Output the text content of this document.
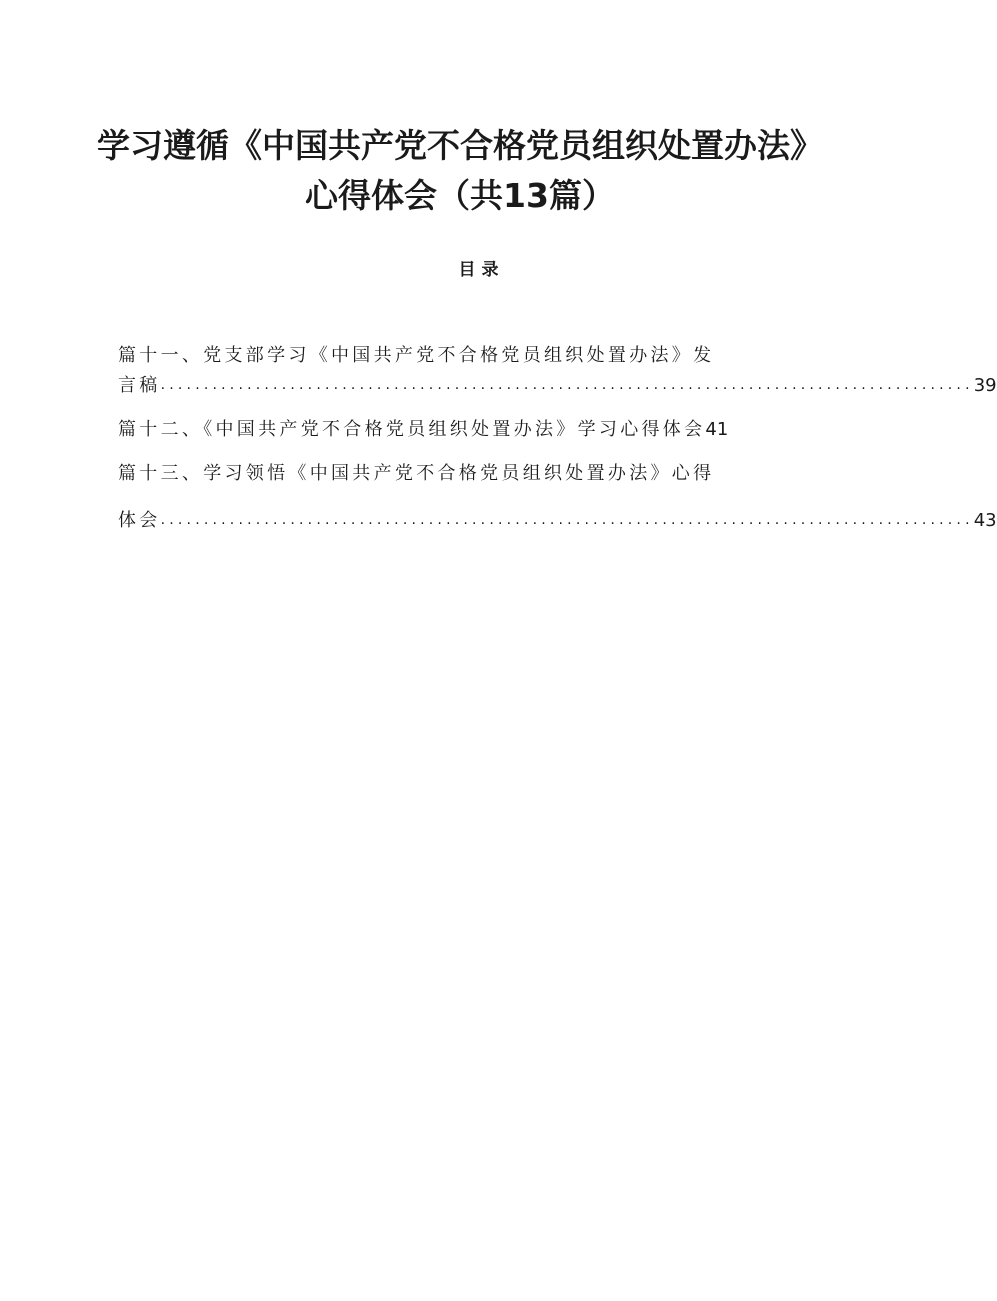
学习遵循《中国共产党不合格党员组织处置办法》
心得体会（共13篇）
目录
篇十一、党支部学习《中国共产党不合格党员组织处置办法》发
言稿 .............................................................................................. 39
篇十二、《中国共产党不合格党员组织处置办法》学习心得体会41
篇十三、学习领悟《中国共产党不合格党员组织处置办法》心得
体会 .............................................................................................. 43
